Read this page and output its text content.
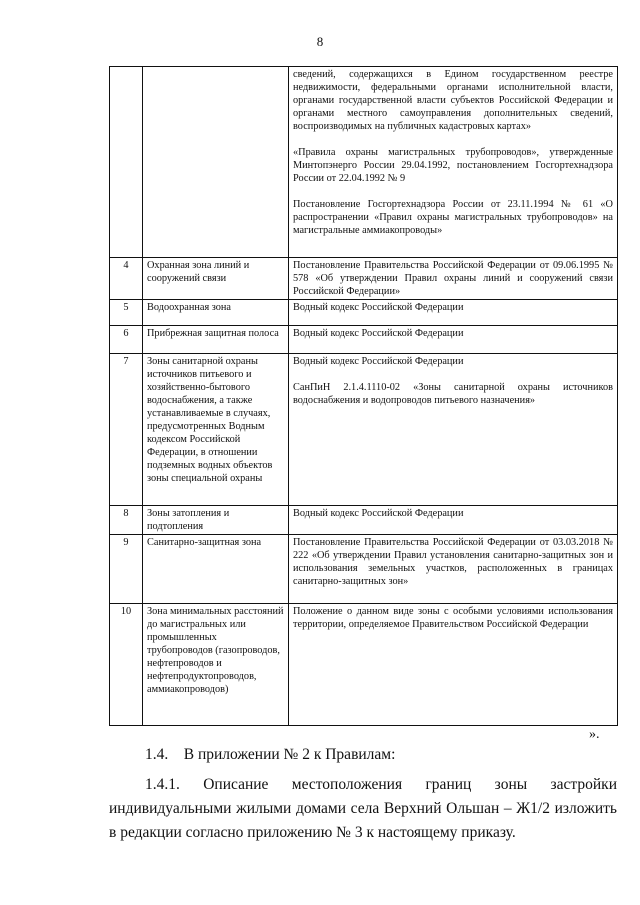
8

		сведений, содержащихся в Едином государственном реестре недвижимости, федеральными органами исполнительной власти, органами государственной власти субъектов Российской Федерации и органами местного самоуправления дополнительных сведений, воспроизводимых на публичных кадастровых картах»

«Правила охраны магистральных трубопроводов», утвержденные Минтопэнерго России 29.04.1992, постановлением Госгортехнадзора России от 22.04.1992 № 9

Постановление Госгортехнадзора России от 23.11.1994 № 61 «О распространении «Правил охраны магистральных трубопроводов» на магистральные аммиакопроводы»

4	Охранная зона линий и сооружений связи	Постановление Правительства Российской Федерации от 09.06.1995 № 578 «Об утверждении Правил охраны линий и сооружений связи Российской Федерации»

5	Водоохранная зона	Водный кодекс Российской Федерации

6	Прибрежная защитная полоса	Водный кодекс Российской Федерации

7	Зоны санитарной охраны источников питьевого и хозяйственно-бытового водоснабжения, а также устанавливаемые в случаях, предусмотренных Водным кодексом Российской Федерации, в отношении подземных водных объектов зоны специальной охраны	Водный кодекс Российской Федерации

СанПиН 2.1.4.1110-02 «Зоны санитарной охраны источников водоснабжения и водопроводов питьевого назначения»

8	Зоны затопления и подтопления	Водный кодекс Российской Федерации

9	Санитарно-защитная зона	Постановление Правительства Российской Федерации от 03.03.2018 № 222 «Об утверждении Правил установления санитарно-защитных зон и использования земельных участков, расположенных в границах санитарно-защитных зон»

10	Зона минимальных расстояний до магистральных или промышленных трубопроводов (газопроводов, нефтепроводов и нефтепродуктопроводов, аммиакопроводов)	Положение о данном виде зоны с особыми условиями использования территории, определяемое Правительством Российской Федерации

».
1.4.    В приложении № 2 к Правилам:
1.4.1. Описание местоположения границ зоны застройки индивидуальными жилыми домами села Верхний Ольшан – Ж1/2 изложить в редакции согласно приложению № 3 к настоящему приказу.
